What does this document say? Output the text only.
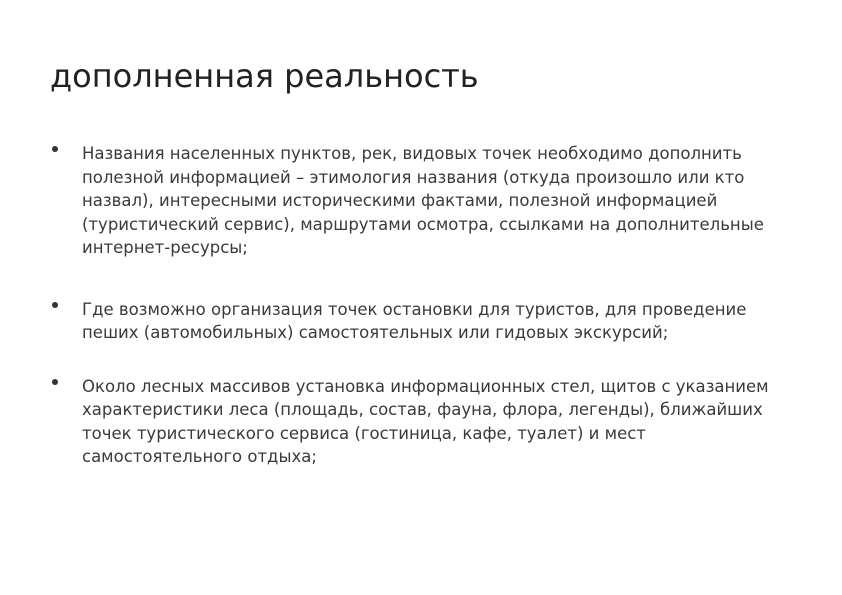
дополненная реальность
Названия населенных пунктов, рек, видовых точек необходимо дополнить полезной информацией – этимология названия (откуда произошло или кто назвал), интересными историческими фактами, полезной информацией (туристический сервис), маршрутами осмотра, ссылками на дополнительные интернет-ресурсы;
Где возможно организация точек остановки для туристов, для проведение пеших (автомобильных) самостоятельных или гидовых экскурсий;
Около лесных массивов установка информационных стел, щитов с указанием характеристики леса (площадь, состав, фауна, флора, легенды), ближайших точек туристического сервиса (гостиница, кафе, туалет) и мест самостоятельного отдыха;
